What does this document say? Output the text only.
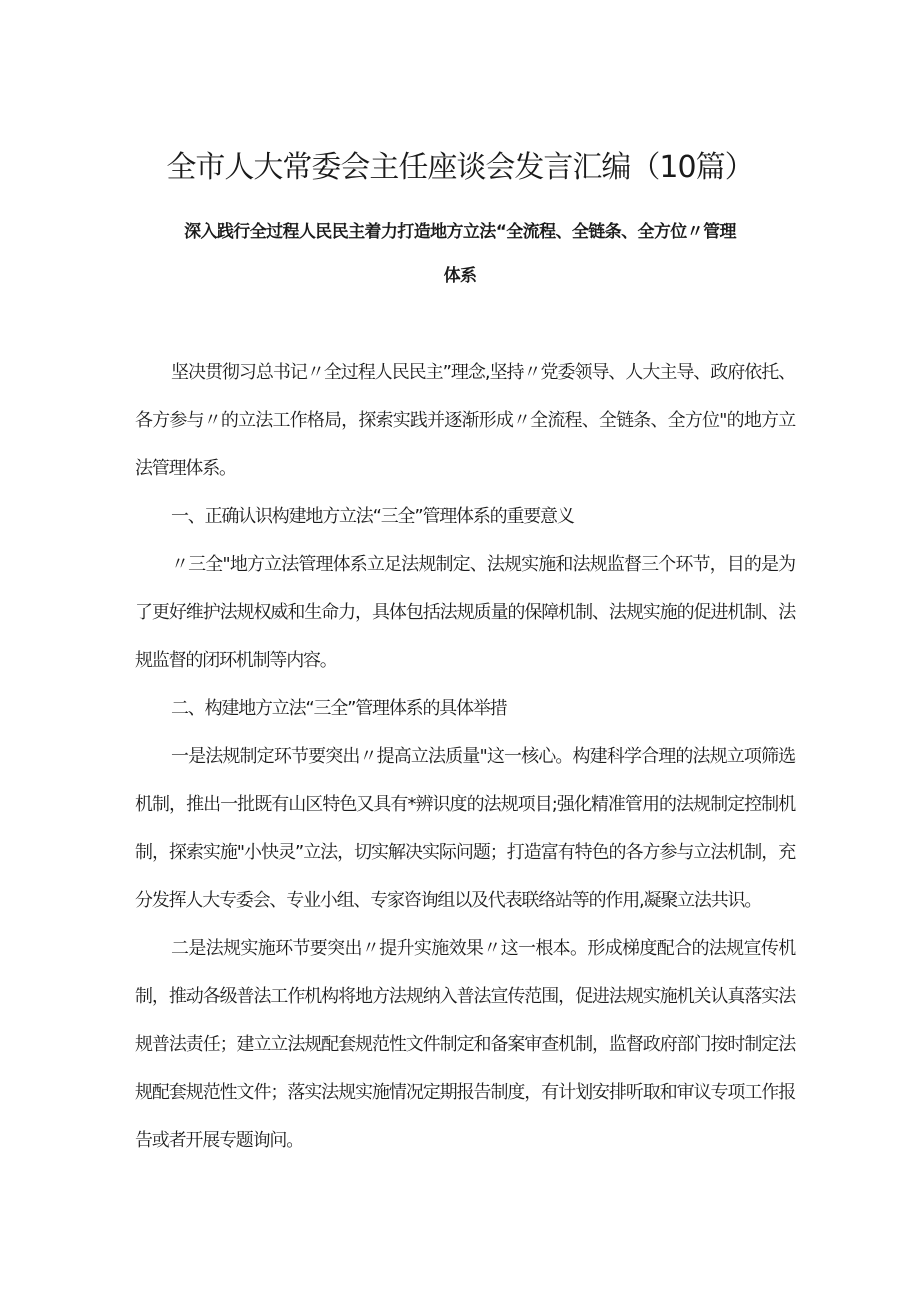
全市人大常委会主任座谈会发言汇编（10篇）
深入践行全过程人民民主着力打造地方立法“全流程、全链条、全方位〃管理
体系

坚决贯彻习总书记〃全过程人民民主”理念,坚持〃党委领导、人大主导、政府依托、各方参与〃的立法工作格局，探索实践并逐渐形成〃全流程、全链条、全方位"的地方立法管理体系。

一、正确认识构建地方立法“三全”管理体系的重要意义

〃三全"地方立法管理体系立足法规制定、法规实施和法规监督三个环节，目的是为了更好维护法规权威和生命力，具体包括法规质量的保障机制、法规实施的促进机制、法规监督的闭环机制等内容。

二、构建地方立法“三全”管理体系的具体举措

一是法规制定环节要突出〃提高立法质量"这一核心。构建科学合理的法规立项筛选机制，推出一批既有山区特色又具有*辨识度的法规项目;强化精准管用的法规制定控制机制，探索实施"小快灵”立法，切实解决实际问题；打造富有特色的各方参与立法机制，充分发挥人大专委会、专业小组、专家咨询组以及代表联络站等的作用,凝聚立法共识。

二是法规实施环节要突出〃提升实施效果〃这一根本。形成梯度配合的法规宣传机制，推动各级普法工作机构将地方法规纳入普法宣传范围，促进法规实施机关认真落实法规普法责任；建立立法规配套规范性文件制定和备案审查机制，监督政府部门按时制定法规配套规范性文件；落实法规实施情况定期报告制度，有计划安排听取和审议专项工作报告或者开展专题询问。
